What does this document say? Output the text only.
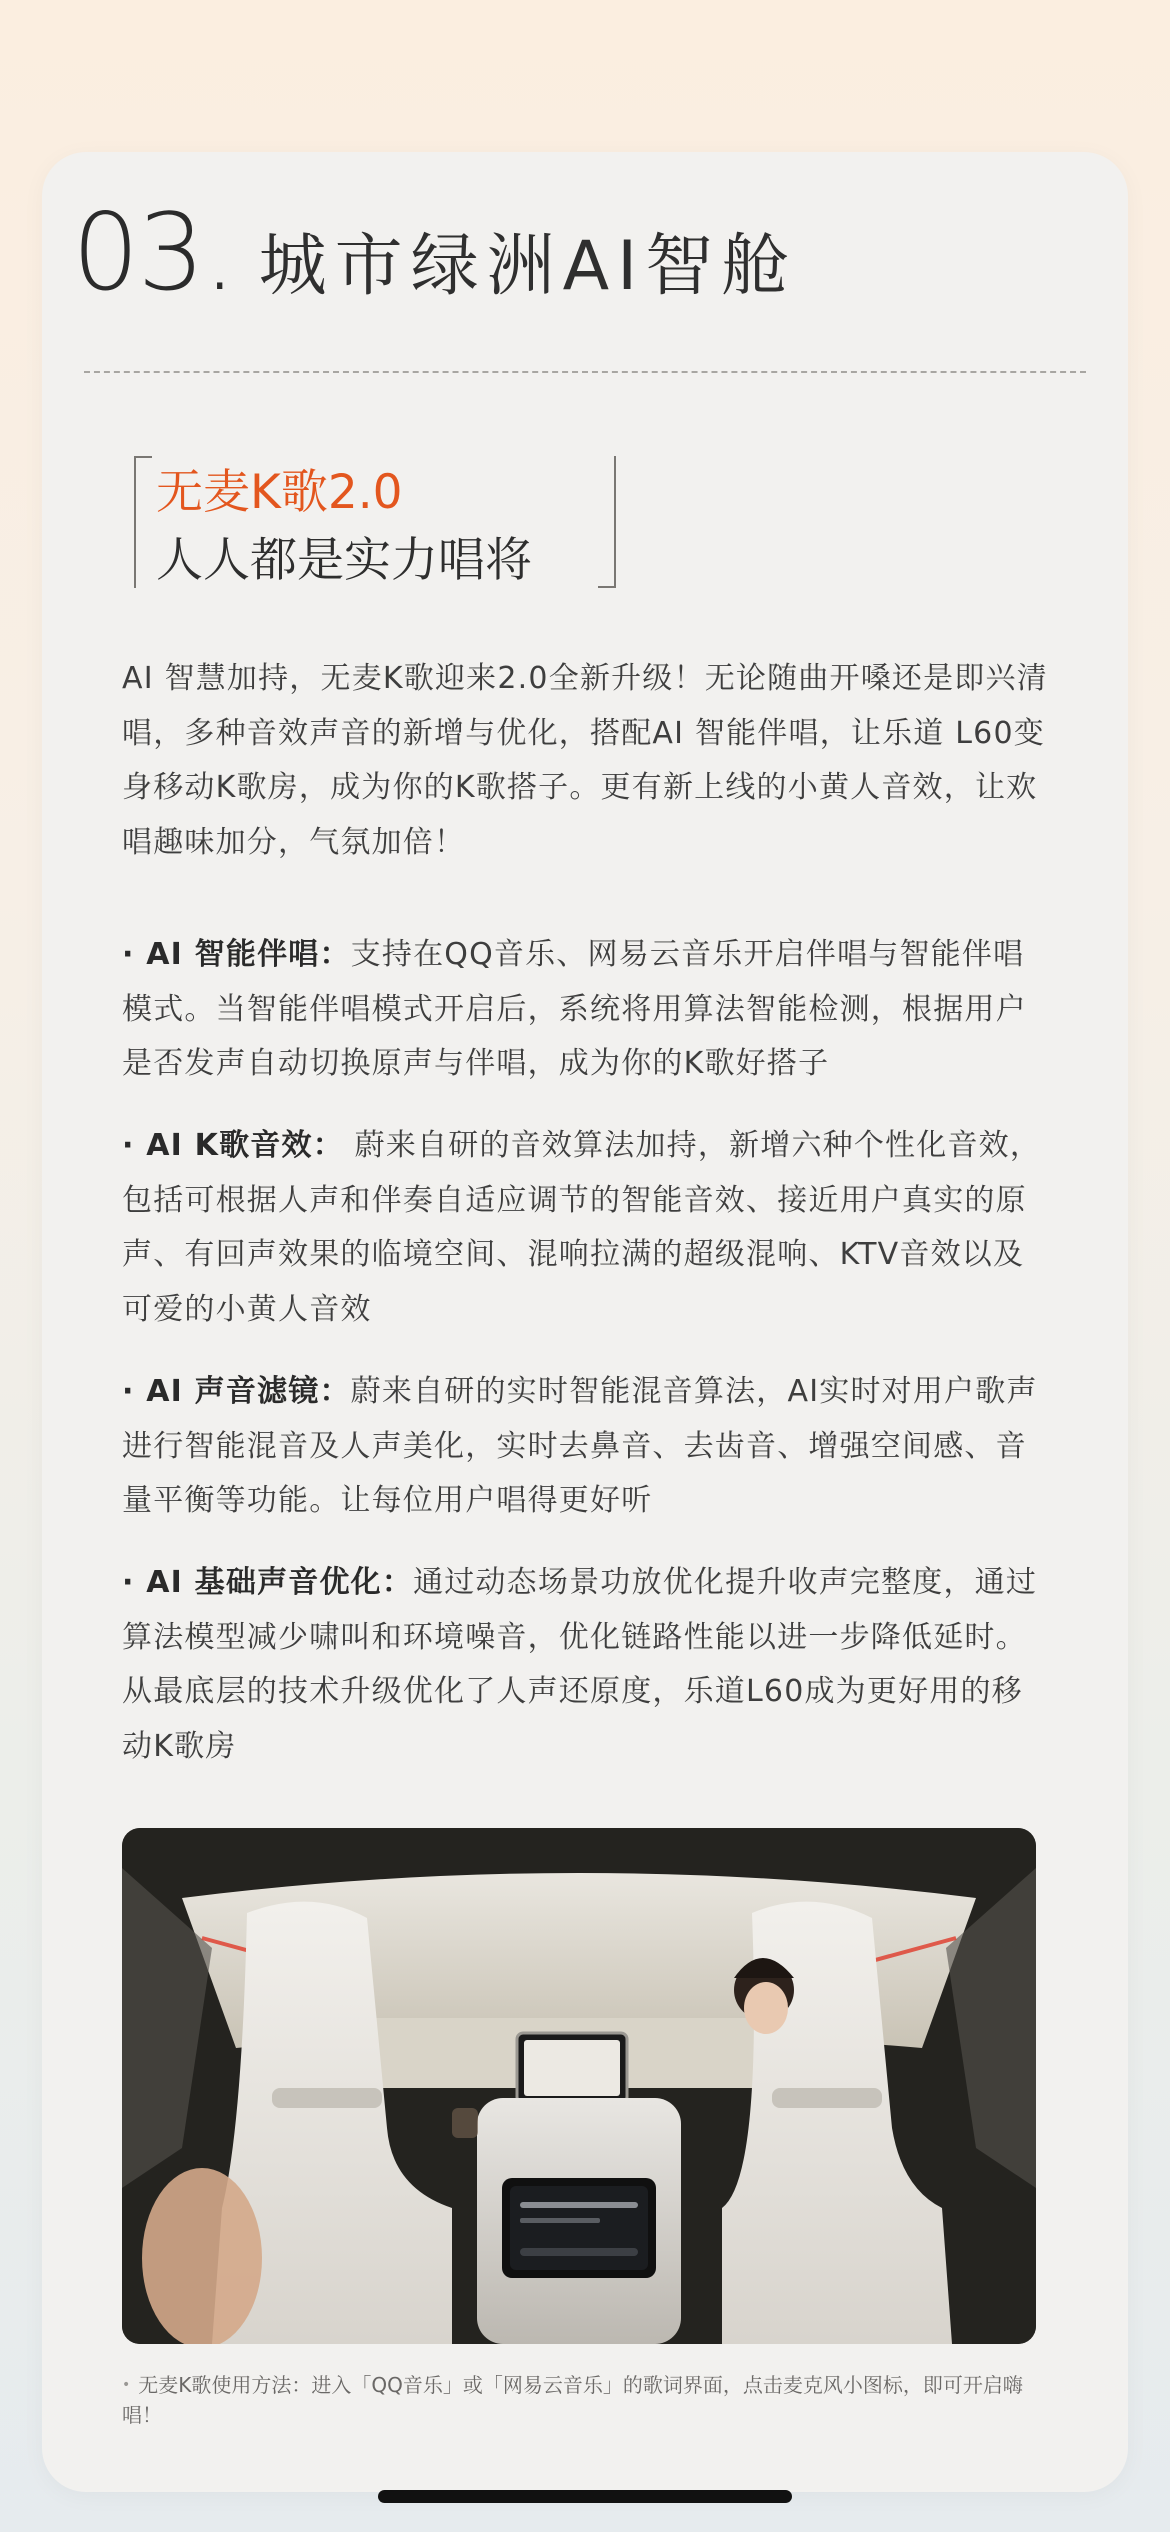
03. 城市绿洲AI智舱
无麦K歌2.0
人人都是实力唱将

AI 智慧加持，无麦K歌迎来2.0全新升级！无论随曲开嗓还是即兴清唱，多种音效声音的新增与优化，搭配AI 智能伴唱，让乐道 L60变身移动K歌房，成为你的K歌搭子。更有新上线的小黄人音效，让欢唱趣味加分，气氛加倍！

· AI 智能伴唱：支持在QQ音乐、网易云音乐开启伴唱与智能伴唱模式。当智能伴唱模式开启后，系统将用算法智能检测，根据用户是否发声自动切换原声与伴唱，成为你的K歌好搭子

· AI K歌音效： 蔚来自研的音效算法加持，新增六种个性化音效，包括可根据人声和伴奏自适应调节的智能音效、接近用户真实的原声、有回声效果的临境空间、混响拉满的超级混响、KTV音效以及可爱的小黄人音效

· AI 声音滤镜：蔚来自研的实时智能混音算法，AI实时对用户歌声进行智能混音及人声美化，实时去鼻音、去齿音、增强空间感、音量平衡等功能。让每位用户唱得更好听

· AI 基础声音优化：通过动态场景功放优化提升收声完整度，通过算法模型减少啸叫和环境噪音，优化链路性能以进一步降低延时。从最底层的技术升级优化了人声还原度，乐道L60成为更好用的移动K歌房

• 无麦K歌使用方法：进入「QQ音乐」或「网易云音乐」的歌词界面，点击麦克风小图标，即可开启嗨唱！
